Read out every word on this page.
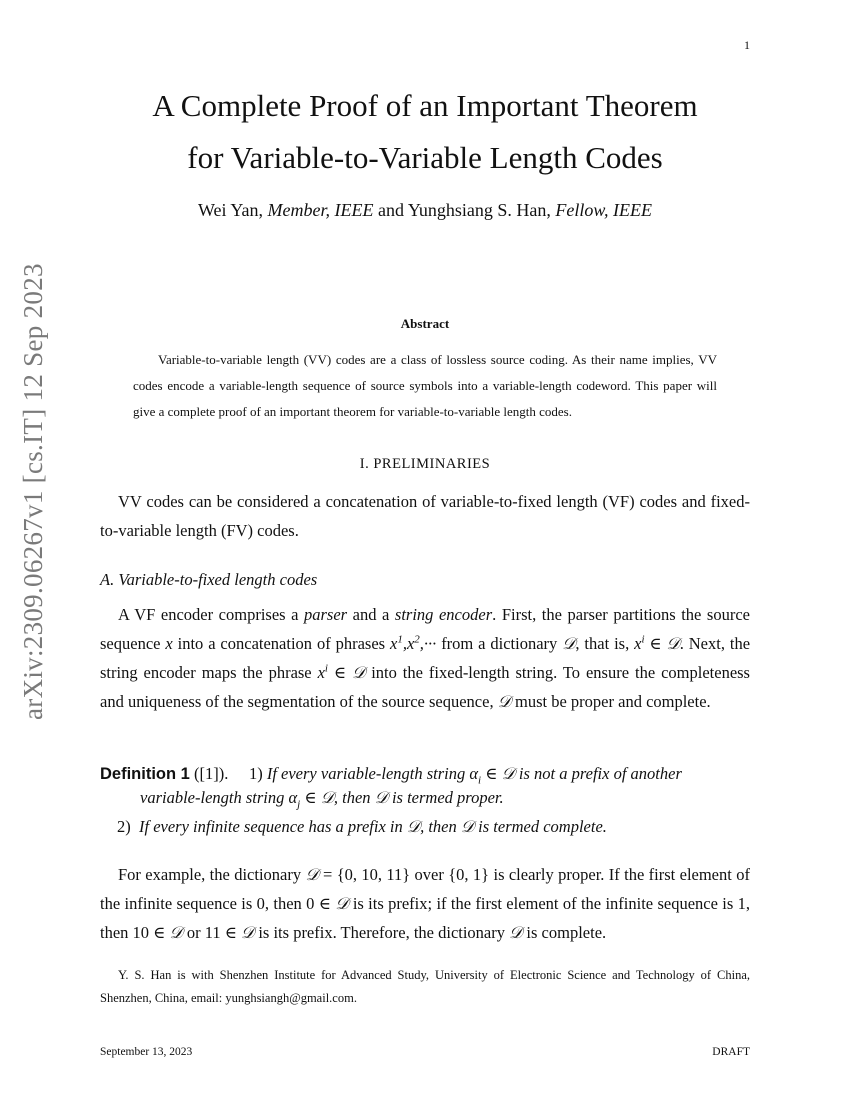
1
A Complete Proof of an Important Theorem
for Variable-to-Variable Length Codes
Wei Yan, Member, IEEE and Yunghsiang S. Han, Fellow, IEEE
arXiv:2309.06267v1 [cs.IT] 12 Sep 2023	Abstract
Variable-to-variable length (VV) codes are a class of lossless source coding. As their name implies, VV codes encode a variable-length sequence of source symbols into a variable-length codeword. This paper will give a complete proof of an important theorem for variable-to-variable length codes.
I. PRELIMINARIES
VV codes can be considered a concatenation of variable-to-fixed length (VF) codes and fixed-to-variable length (FV) codes.
A. Variable-to-fixed length codes
A VF encoder comprises a parser and a string encoder. First, the parser partitions the source sequence x into a concatenation of phrases $x^1,x^2,\cdot\cdot\cdot$ from a dictionary 𝒟, that is, $x^i$ ∈ 𝒟. Next, the string encoder maps the phrase $x^i$ ∈ 𝒟 into the fixed-length string. To ensure the completeness and uniqueness of the segmentation of the source sequence, 𝒟 must be proper and complete.
Definition 1 ([1]). 1) If every variable-length string $\alpha_i$ ∈ 𝒟 is not a prefix of another
variable-length string $\alpha_j$ ∈ 𝒟, then 𝒟 is termed proper.
2) If every infinite sequence has a prefix in 𝒟, then 𝒟 is termed complete.
For example, the dictionary 𝒟 = {0, 10, 11} over {0, 1} is clearly proper. If the first element of the infinite sequence is 0, then 0 ∈ 𝒟 is its prefix; if the first element of the infinite sequence is 1, then 10 ∈ 𝒟 or 11 ∈ 𝒟 is its prefix. Therefore, the dictionary 𝒟 is complete.
Y. S. Han is with Shenzhen Institute for Advanced Study, University of Electronic Science and Technology of China, Shenzhen, China, email: yunghsiangh@gmail.com.
September 13, 2023	DRAFT
